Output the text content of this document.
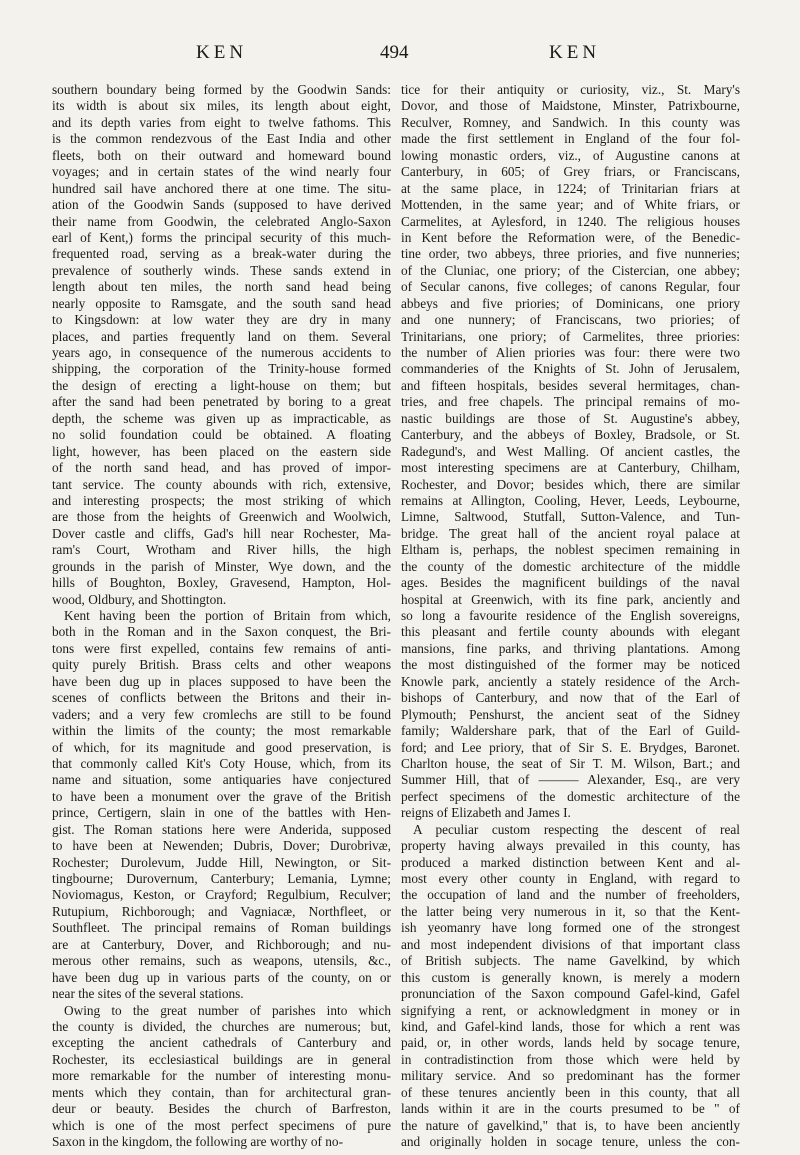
KEN	494	KEN
southern boundary being formed by the Goodwin Sands:
its width is about six miles, its length about eight,
and its depth varies from eight to twelve fathoms. This
is the common rendezvous of the East India and other
fleets, both on their outward and homeward bound
voyages; and in certain states of the wind nearly four
hundred sail have anchored there at one time. The situ-
ation of the Goodwin Sands (supposed to have derived
their name from Goodwin, the celebrated Anglo-Saxon
earl of Kent,) forms the principal security of this much-
frequented road, serving as a break-water during the
prevalence of southerly winds. These sands extend in
length about ten miles, the north sand head being
nearly opposite to Ramsgate, and the south sand head
to Kingsdown: at low water they are dry in many
places, and parties frequently land on them. Several
years ago, in consequence of the numerous accidents to
shipping, the corporation of the Trinity-house formed
the design of erecting a light-house on them; but
after the sand had been penetrated by boring to a great
depth, the scheme was given up as impracticable, as
no solid foundation could be obtained. A floating
light, however, has been placed on the eastern side
of the north sand head, and has proved of impor-
tant service. The county abounds with rich, extensive,
and interesting prospects; the most striking of which
are those from the heights of Greenwich and Woolwich,
Dover castle and cliffs, Gad's hill near Rochester, Ma-
ram's Court, Wrotham and River hills, the high
grounds in the parish of Minster, Wye down, and the
hills of Boughton, Boxley, Gravesend, Hampton, Hol-
wood, Oldbury, and Shottington.
Kent having been the portion of Britain from which,
both in the Roman and in the Saxon conquest, the Bri-
tons were first expelled, contains few remains of anti-
quity purely British. Brass celts and other weapons
have been dug up in places supposed to have been the
scenes of conflicts between the Britons and their in-
vaders; and a very few cromlechs are still to be found
within the limits of the county; the most remarkable
of which, for its magnitude and good preservation, is
that commonly called Kit's Coty House, which, from its
name and situation, some antiquaries have conjectured
to have been a monument over the grave of the British
prince, Certigern, slain in one of the battles with Hen-
gist. The Roman stations here were Anderida, supposed
to have been at Newenden; Dubris, Dover; Durobrivæ,
Rochester; Durolevum, Judde Hill, Newington, or Sit-
tingbourne; Durovernum, Canterbury; Lemania, Lymne;
Noviomagus, Keston, or Crayford; Regulbium, Reculver;
Rutupium, Richborough; and Vagniacæ, Northfleet, or
Southfleet. The principal remains of Roman buildings
are at Canterbury, Dover, and Richborough; and nu-
merous other remains, such as weapons, utensils, &c.,
have been dug up in various parts of the county, on or
near the sites of the several stations.
Owing to the great number of parishes into which
the county is divided, the churches are numerous; but,
excepting the ancient cathedrals of Canterbury and
Rochester, its ecclesiastical buildings are in general
more remarkable for the number of interesting monu-
ments which they contain, than for architectural gran-
deur or beauty. Besides the church of Barfreston,
which is one of the most perfect specimens of pure
Saxon in the kingdom, the following are worthy of no-
tice for their antiquity or curiosity, viz., St. Mary's
Dovor, and those of Maidstone, Minster, Patrixbourne,
Reculver, Romney, and Sandwich. In this county was
made the first settlement in England of the four fol-
lowing monastic orders, viz., of Augustine canons at
Canterbury, in 605; of Grey friars, or Franciscans,
at the same place, in 1224; of Trinitarian friars at
Mottenden, in the same year; and of White friars, or
Carmelites, at Aylesford, in 1240. The religious houses
in Kent before the Reformation were, of the Benedic-
tine order, two abbeys, three priories, and five nunneries;
of the Cluniac, one priory; of the Cistercian, one abbey;
of Secular canons, five colleges; of canons Regular, four
abbeys and five priories; of Dominicans, one priory
and one nunnery; of Franciscans, two priories; of
Trinitarians, one priory; of Carmelites, three priories:
the number of Alien priories was four: there were two
commanderies of the Knights of St. John of Jerusalem,
and fifteen hospitals, besides several hermitages, chan-
tries, and free chapels. The principal remains of mo-
nastic buildings are those of St. Augustine's abbey,
Canterbury, and the abbeys of Boxley, Bradsole, or St.
Radegund's, and West Malling. Of ancient castles, the
most interesting specimens are at Canterbury, Chilham,
Rochester, and Dovor; besides which, there are similar
remains at Allington, Cooling, Hever, Leeds, Leybourne,
Limne, Saltwood, Stutfall, Sutton-Valence, and Tun-
bridge. The great hall of the ancient royal palace at
Eltham is, perhaps, the noblest specimen remaining in
the county of the domestic architecture of the middle
ages. Besides the magnificent buildings of the naval
hospital at Greenwich, with its fine park, anciently and
so long a favourite residence of the English sovereigns,
this pleasant and fertile county abounds with elegant
mansions, fine parks, and thriving plantations. Among
the most distinguished of the former may be noticed
Knowle park, anciently a stately residence of the Arch-
bishops of Canterbury, and now that of the Earl of
Plymouth; Penshurst, the ancient seat of the Sidney
family; Waldershare park, that of the Earl of Guild-
ford; and Lee priory, that of Sir S. E. Brydges, Baronet.
Charlton house, the seat of Sir T. M. Wilson, Bart.; and
Summer Hill, that of ——— Alexander, Esq., are very
perfect specimens of the domestic architecture of the
reigns of Elizabeth and James I.
A peculiar custom respecting the descent of real
property having always prevailed in this county, has
produced a marked distinction between Kent and al-
most every other county in England, with regard to
the occupation of land and the number of freeholders,
the latter being very numerous in it, so that the Kent-
ish yeomanry have long formed one of the strongest
and most independent divisions of that important class
of British subjects. The name Gavelkind, by which
this custom is generally known, is merely a modern
pronunciation of the Saxon compound Gafel-kind, Gafel
signifying a rent, or acknowledgment in money or in
kind, and Gafel-kind lands, those for which a rent was
paid, or, in other words, lands held by socage tenure,
in contradistinction from those which were held by
military service. And so predominant has the former
of these tenures anciently been in this county, that all
lands within it are in the courts presumed to be " of
the nature of gavelkind," that is, to have been anciently
and originally holden in socage tenure, unless the con-
